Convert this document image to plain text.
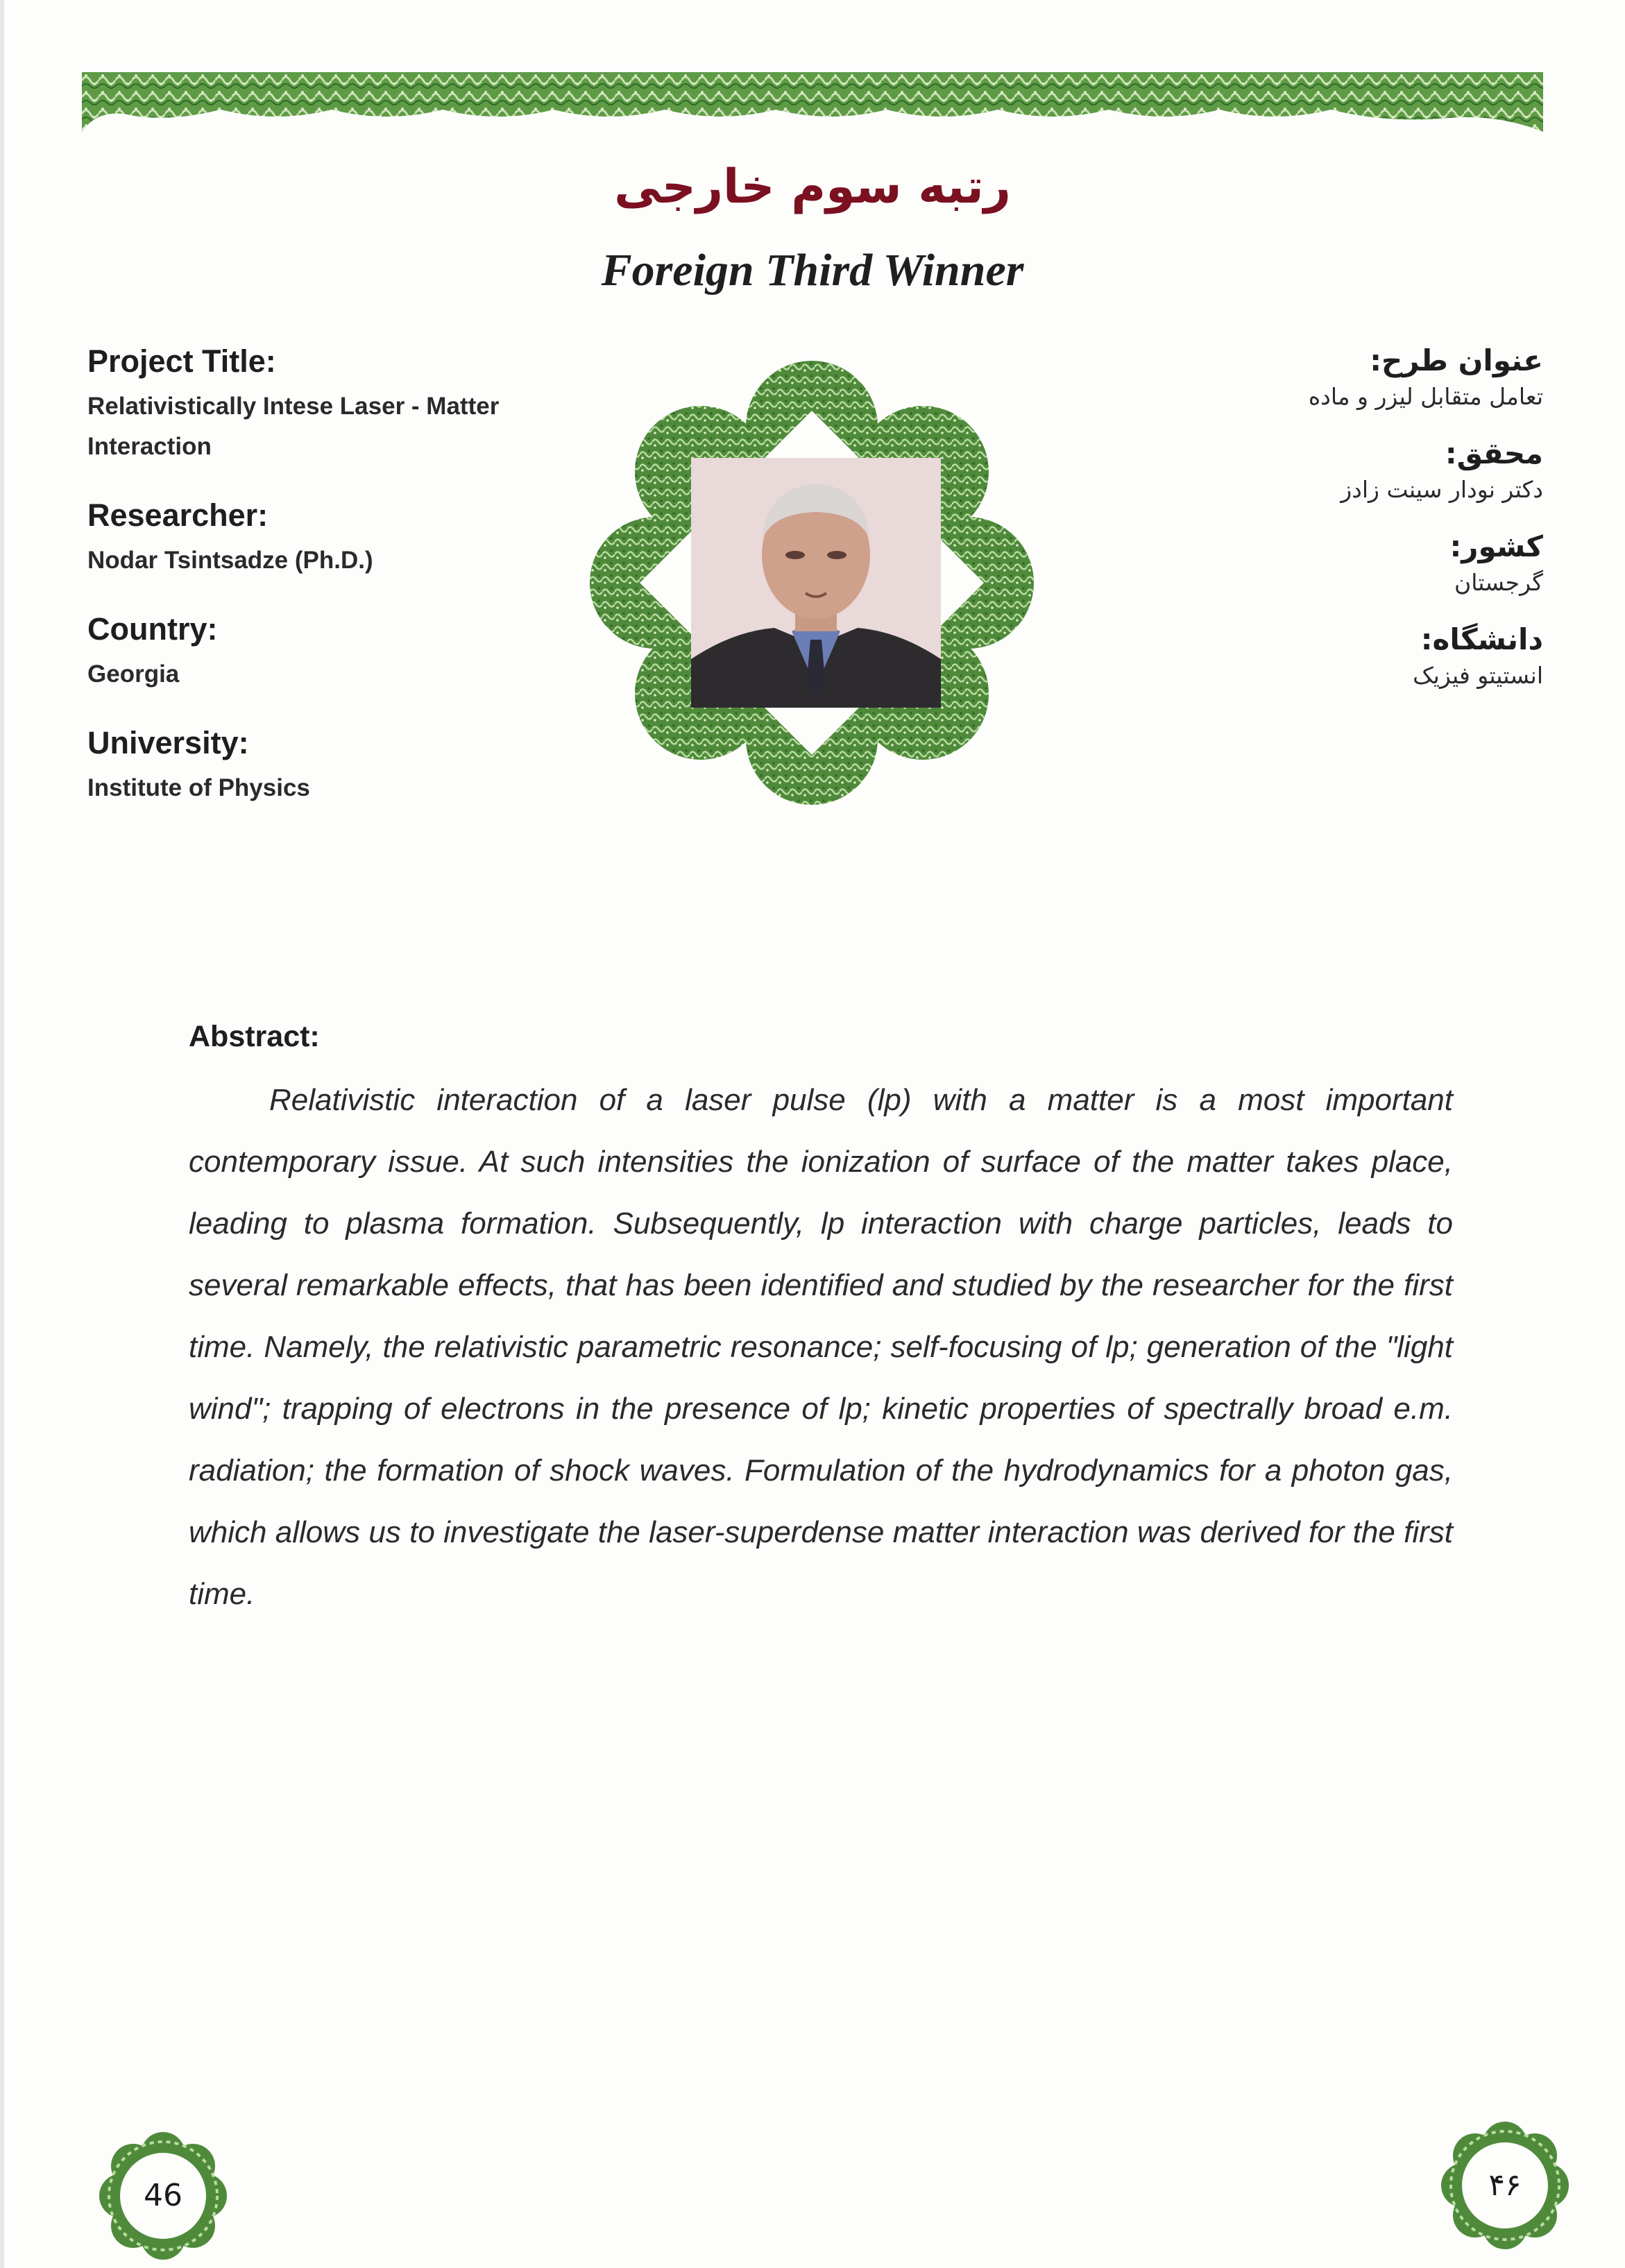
رتبه سوم خارجی
Foreign Third Winner
Project Title:
Relativistically Intese Laser - Matter Interaction
Researcher:
Nodar Tsintsadze (Ph.D.)
Country:
Georgia
University:
Institute of Physics
عنوان طرح:
تعامل متقابل لیزر و ماده
محقق:
دکتر نودار سینت زادز
کشور:
گرجستان
دانشگاه:
انستیتو فیزیک
Abstract:
Relativistic interaction of a laser pulse (lp) with a matter is a most important contemporary issue. At such intensities the ionization of surface of the matter takes place, leading to plasma formation. Subsequently, lp interaction with charge particles, leads to several remarkable effects, that has been identified and studied by the researcher for the first time. Namely, the relativistic parametric resonance; self-focusing of lp; generation of the "light wind"; trapping of electrons in the presence of lp; kinetic properties of spectrally broad e.m. radiation; the formation of shock waves. Formulation of the hydrodynamics for a photon gas, which allows us to investigate the laser-superdense matter interaction was derived for the first time.
46	۴۶
